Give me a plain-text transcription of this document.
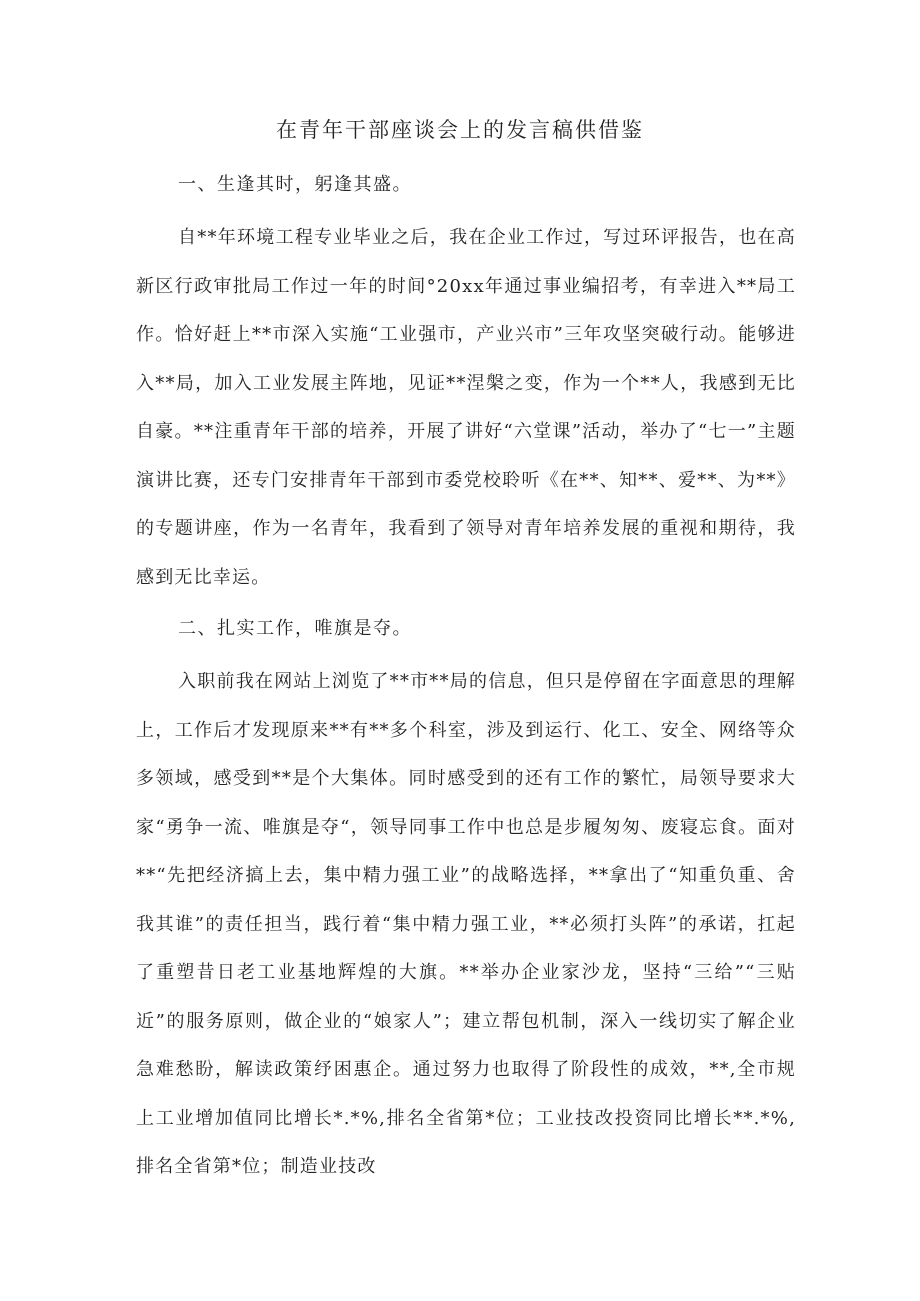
在青年干部座谈会上的发言稿供借鉴

一、生逢其时，躬逢其盛。

自**年环境工程专业毕业之后，我在企业工作过，写过环评报告，也在高新区行政审批局工作过一年的时间°20xx年通过事业编招考，有幸进入**局工作。恰好赶上**市深入实施“工业强市，产业兴市”三年攻坚突破行动。能够进入**局，加入工业发展主阵地，见证**涅槃之变，作为一个**人，我感到无比自豪。**注重青年干部的培养，开展了讲好“六堂课”活动，举办了“七一”主题演讲比赛，还专门安排青年干部到市委党校聆听《在**、知**、爱**、为**》的专题讲座，作为一名青年，我看到了领导对青年培养发展的重视和期待，我感到无比幸运。

二、扎实工作，唯旗是夺。

入职前我在网站上浏览了**市**局的信息，但只是停留在字面意思的理解上，工作后才发现原来**有**多个科室，涉及到运行、化工、安全、网络等众多领域，感受到**是个大集体。同时感受到的还有工作的繁忙，局领导要求大家“勇争一流、唯旗是夺“，领导同事工作中也总是步履匆匆、废寝忘食。面对**“先把经济搞上去，集中精力强工业”的战略选择，**拿出了“知重负重、舍我其谁”的责任担当，践行着“集中精力强工业，**必须打头阵”的承诺，扛起了重塑昔日老工业基地辉煌的大旗。**举办企业家沙龙，坚持“三给”“三贴近”的服务原则，做企业的“娘家人”；建立帮包机制，深入一线切实了解企业急难愁盼，解读政策纾困惠企。通过努力也取得了阶段性的成效，**,全市规上工业增加值同比增长*.*%,排名全省第*位；工业技改投资同比增长**.*%,排名全省第*位；制造业技改
